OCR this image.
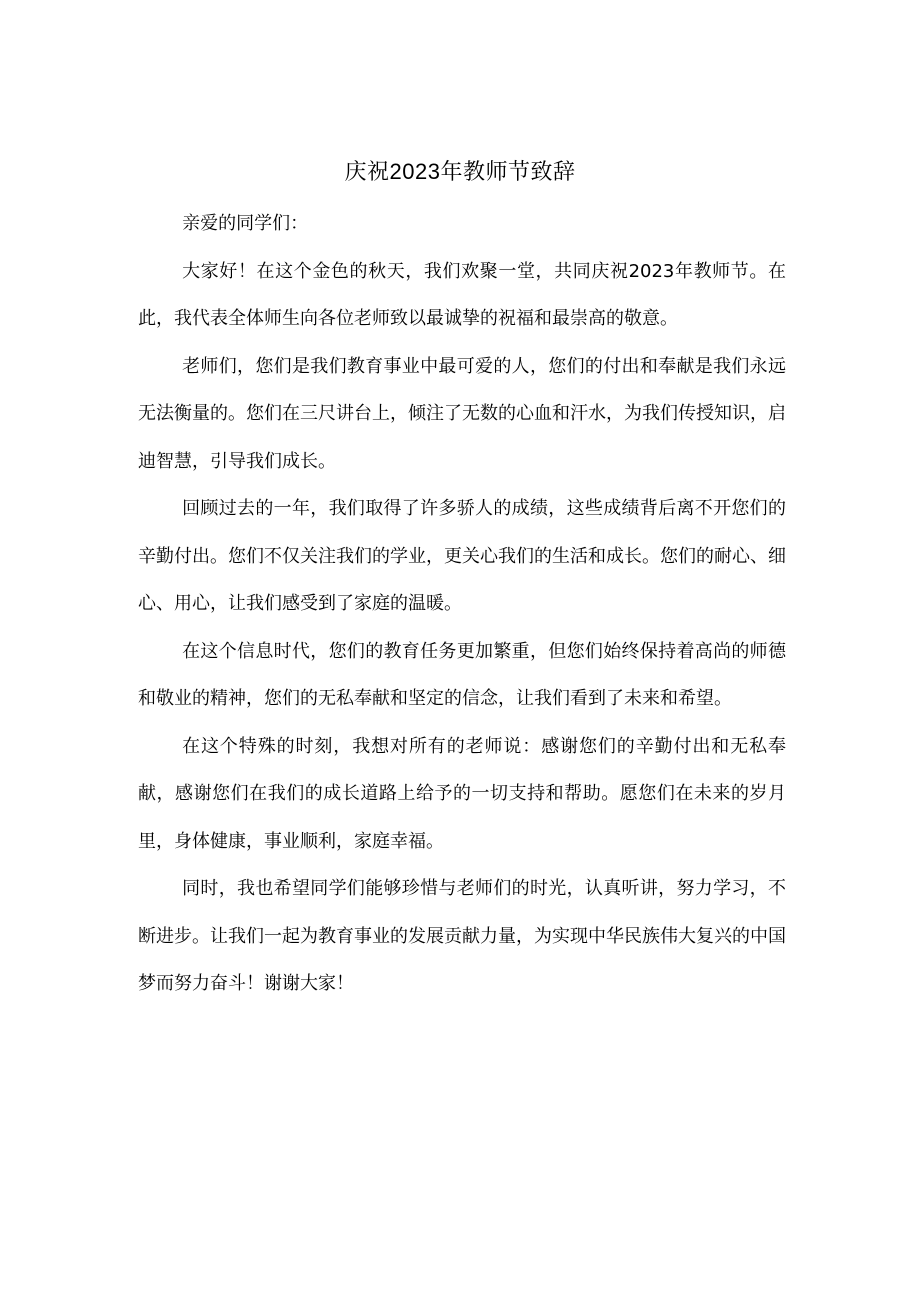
庆祝2023年教师节致辞

亲爱的同学们：

大家好！在这个金色的秋天，我们欢聚一堂，共同庆祝2023年教师节。在此，我代表全体师生向各位老师致以最诚挚的祝福和最崇高的敬意。

老师们，您们是我们教育事业中最可爱的人，您们的付出和奉献是我们永远无法衡量的。您们在三尺讲台上，倾注了无数的心血和汗水，为我们传授知识，启迪智慧，引导我们成长。

回顾过去的一年，我们取得了许多骄人的成绩，这些成绩背后离不开您们的辛勤付出。您们不仅关注我们的学业，更关心我们的生活和成长。您们的耐心、细心、用心，让我们感受到了家庭的温暖。

在这个信息时代，您们的教育任务更加繁重，但您们始终保持着高尚的师德和敬业的精神，您们的无私奉献和坚定的信念，让我们看到了未来和希望。

在这个特殊的时刻，我想对所有的老师说：感谢您们的辛勤付出和无私奉献，感谢您们在我们的成长道路上给予的一切支持和帮助。愿您们在未来的岁月里，身体健康，事业顺利，家庭幸福。

同时，我也希望同学们能够珍惜与老师们的时光，认真听讲，努力学习，不断进步。让我们一起为教育事业的发展贡献力量，为实现中华民族伟大复兴的中国梦而努力奋斗！谢谢大家！
